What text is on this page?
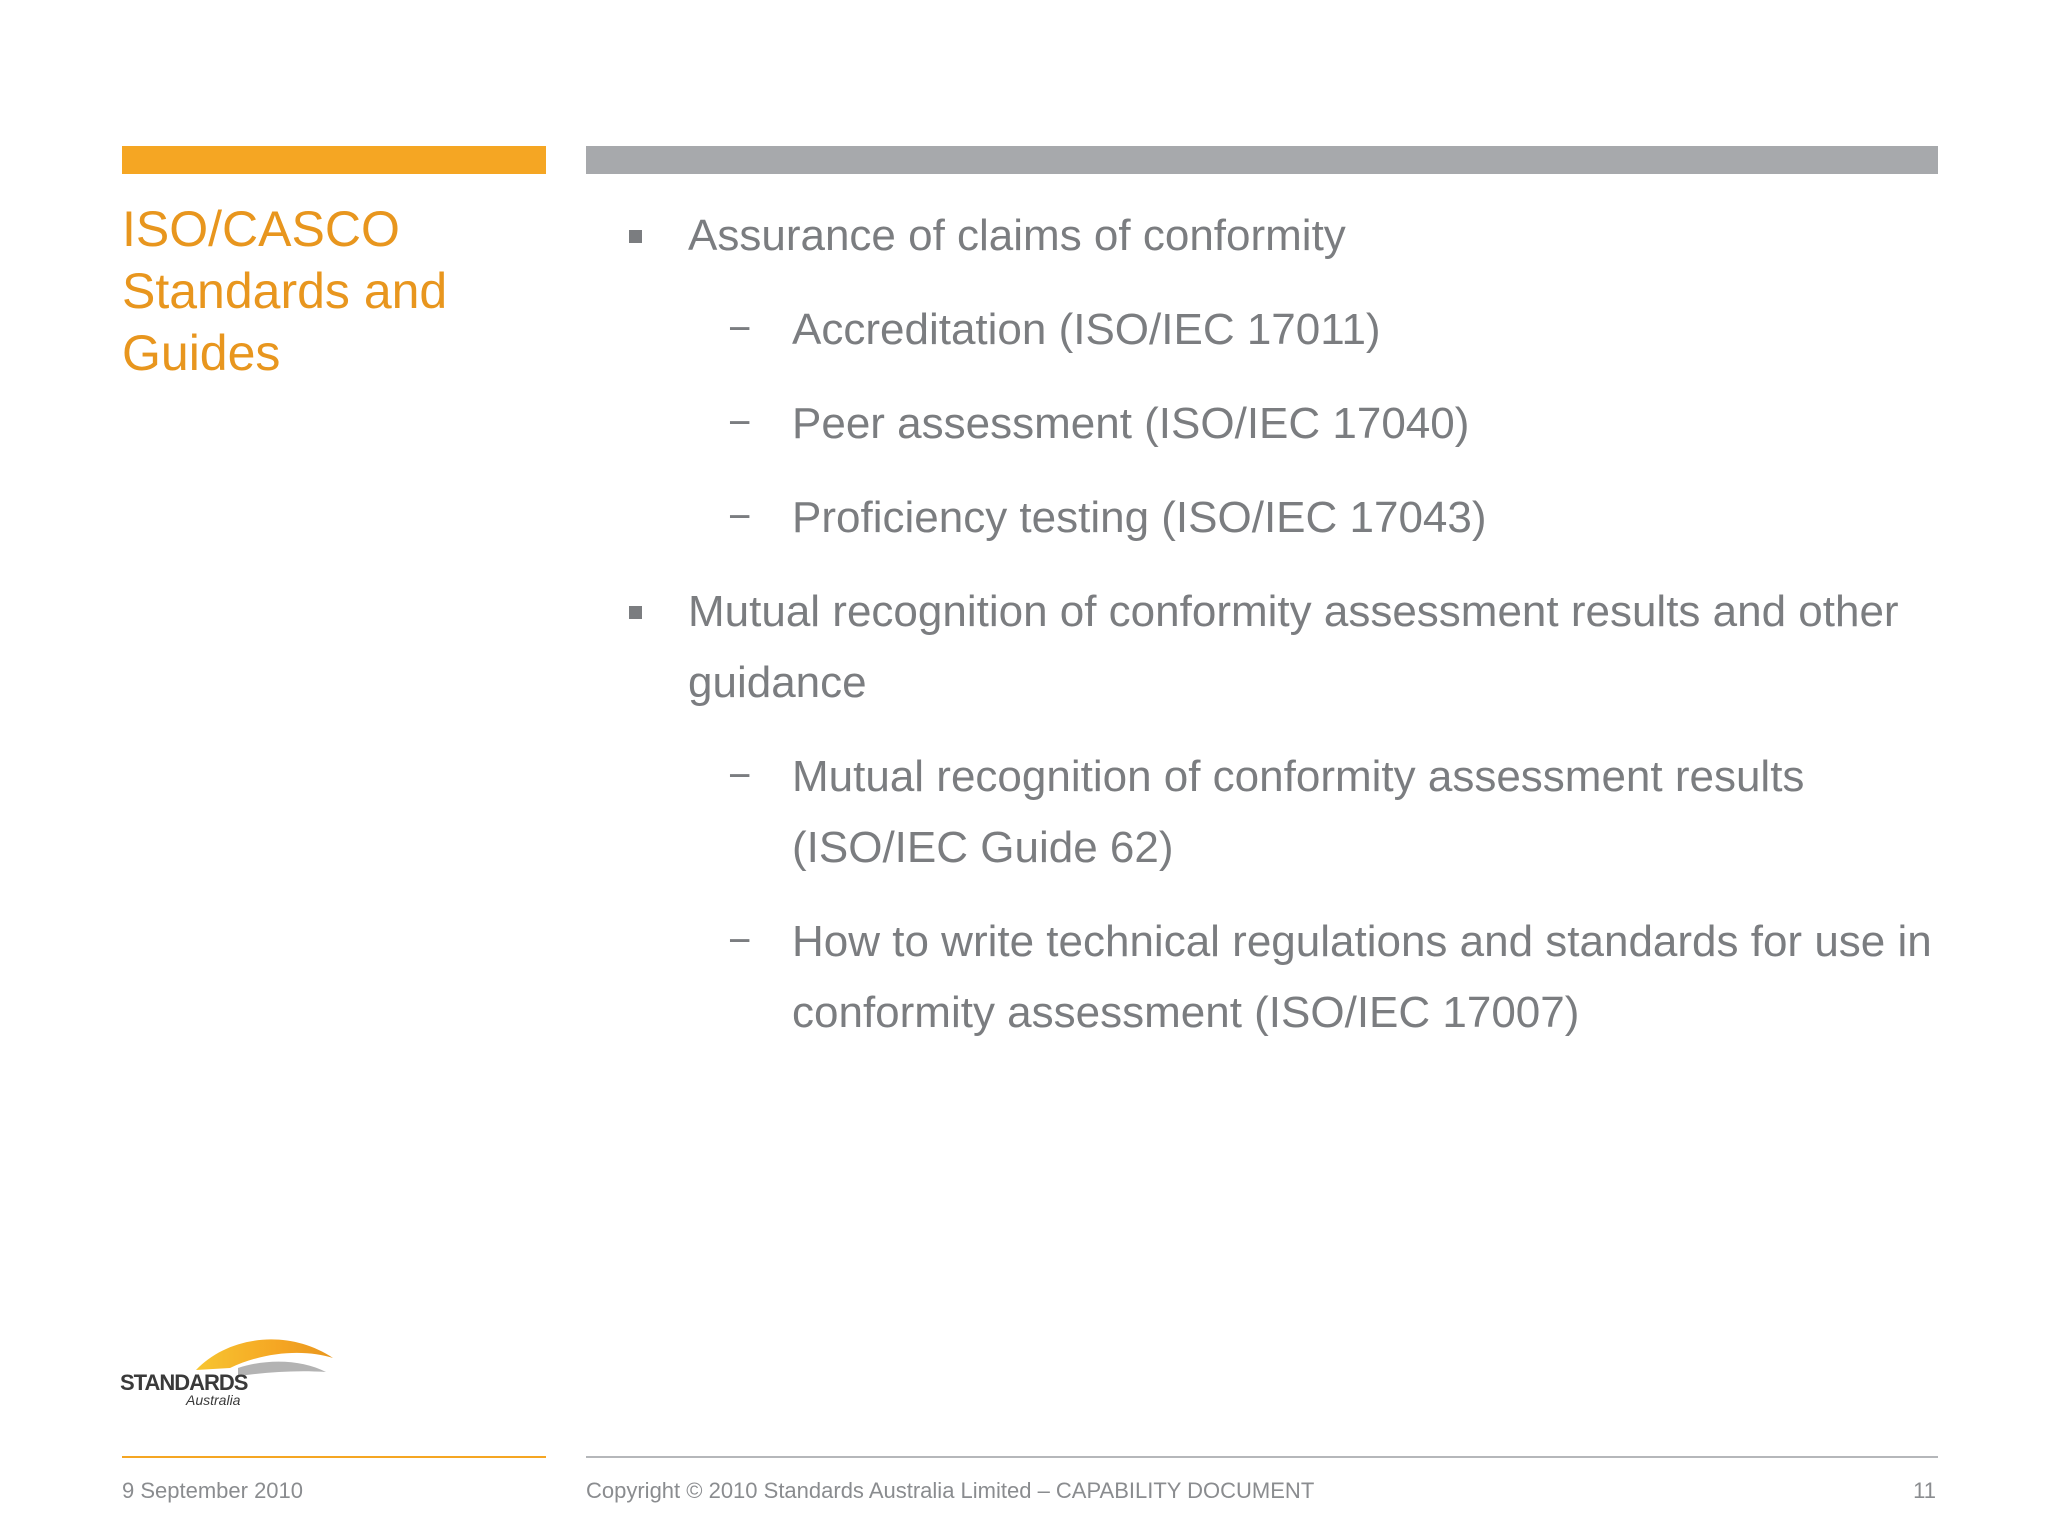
ISO/CASCO
Standards and
Guides
Assurance of claims of conformity
− Accreditation (ISO/IEC 17011)
− Peer assessment (ISO/IEC 17040)
− Proficiency testing (ISO/IEC 17043)
Mutual recognition of conformity assessment results and other guidance
− Mutual recognition of conformity assessment results (ISO/IEC Guide 62)
− How to write technical regulations and standards for use in conformity assessment (ISO/IEC 17007)
STANDARDS
Australia
9 September 2010	Copyright © 2010 Standards Australia Limited – CAPABILITY DOCUMENT	11
